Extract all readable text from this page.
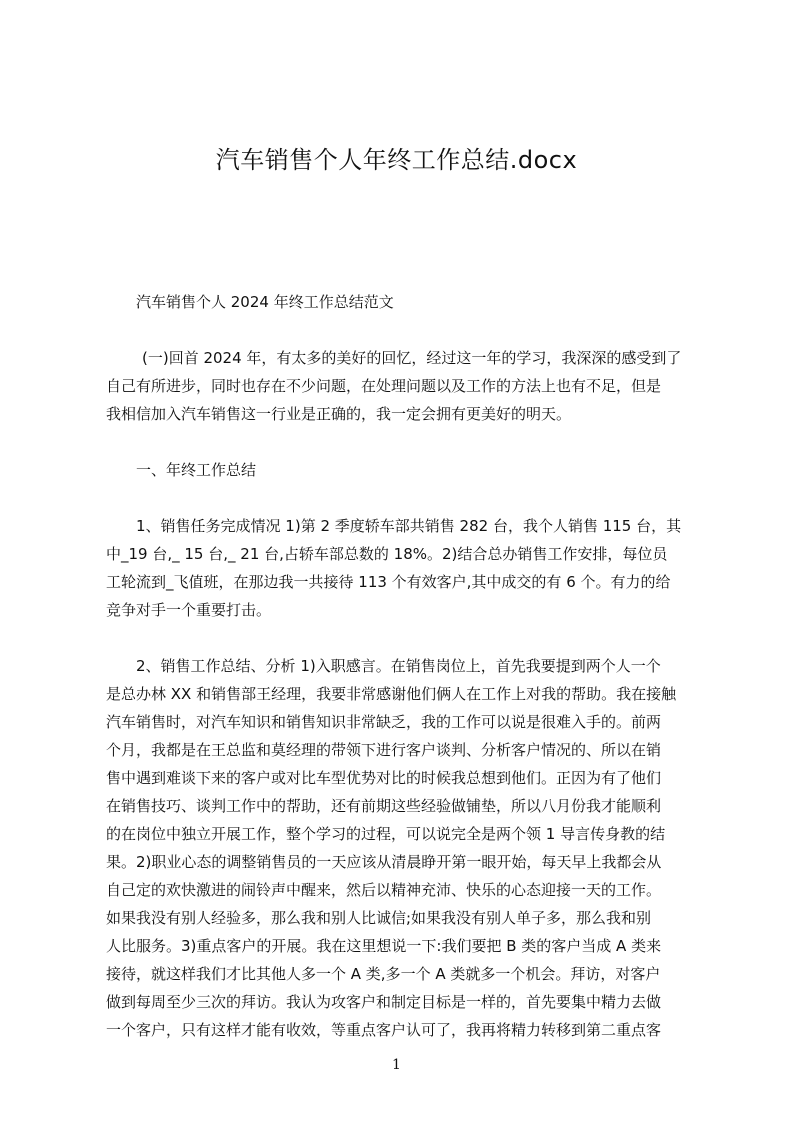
汽车销售个人年终工作总结.docx

汽车销售个人 2024 年终工作总结范文

(一)回首 2024 年，有太多的美好的回忆，经过这一年的学习，我深深的感受到了

自己有所进步，同时也存在不少问题，在处理问题以及工作的方法上也有不足，但是

我相信加入汽车销售这一行业是正确的，我一定会拥有更美好的明天。

一、年终工作总结

1、销售任务完成情况 1)第 2 季度轿车部共销售 282 台，我个人销售 115 台，其

中_19 台,_ 15 台,_ 21 台,占轿车部总数的 18%。2)结合总办销售工作安排，每位员

工轮流到_飞值班，在那边我一共接待 113 个有效客户,其中成交的有 6 个。有力的给

竞争对手一个重要打击。

2、销售工作总结、分析 1)入职感言。在销售岗位上，首先我要提到两个人一个

是总办林 XX 和销售部王经理，我要非常感谢他们俩人在工作上对我的帮助。我在接触

汽车销售时，对汽车知识和销售知识非常缺乏，我的工作可以说是很难入手的。前两

个月，我都是在王总监和莫经理的带领下进行客户谈判、分析客户情况的、所以在销

售中遇到难谈下来的客户或对比车型优势对比的时候我总想到他们。正因为有了他们

在销售技巧、谈判工作中的帮助，还有前期这些经验做铺垫，所以八月份我才能顺利

的在岗位中独立开展工作，整个学习的过程，可以说完全是两个领 1 导言传身教的结

果。2)职业心态的调整销售员的一天应该从清晨睁开第一眼开始，每天早上我都会从

自己定的欢快激进的闹铃声中醒来，然后以精神充沛、快乐的心态迎接一天的工作。

如果我没有别人经验多，那么我和别人比诚信;如果我没有别人单子多，那么我和别

人比服务。3)重点客户的开展。我在这里想说一下:我们要把 B 类的客户当成 A 类来

接待，就这样我们才比其他人多一个 A 类,多一个 A 类就多一个机会。拜访，对客户

做到每周至少三次的拜访。我认为攻客户和制定目标是一样的，首先要集中精力去做

一个客户，只有这样才能有收效，等重点客户认可了，我再将精力转移到第二重点客

1
